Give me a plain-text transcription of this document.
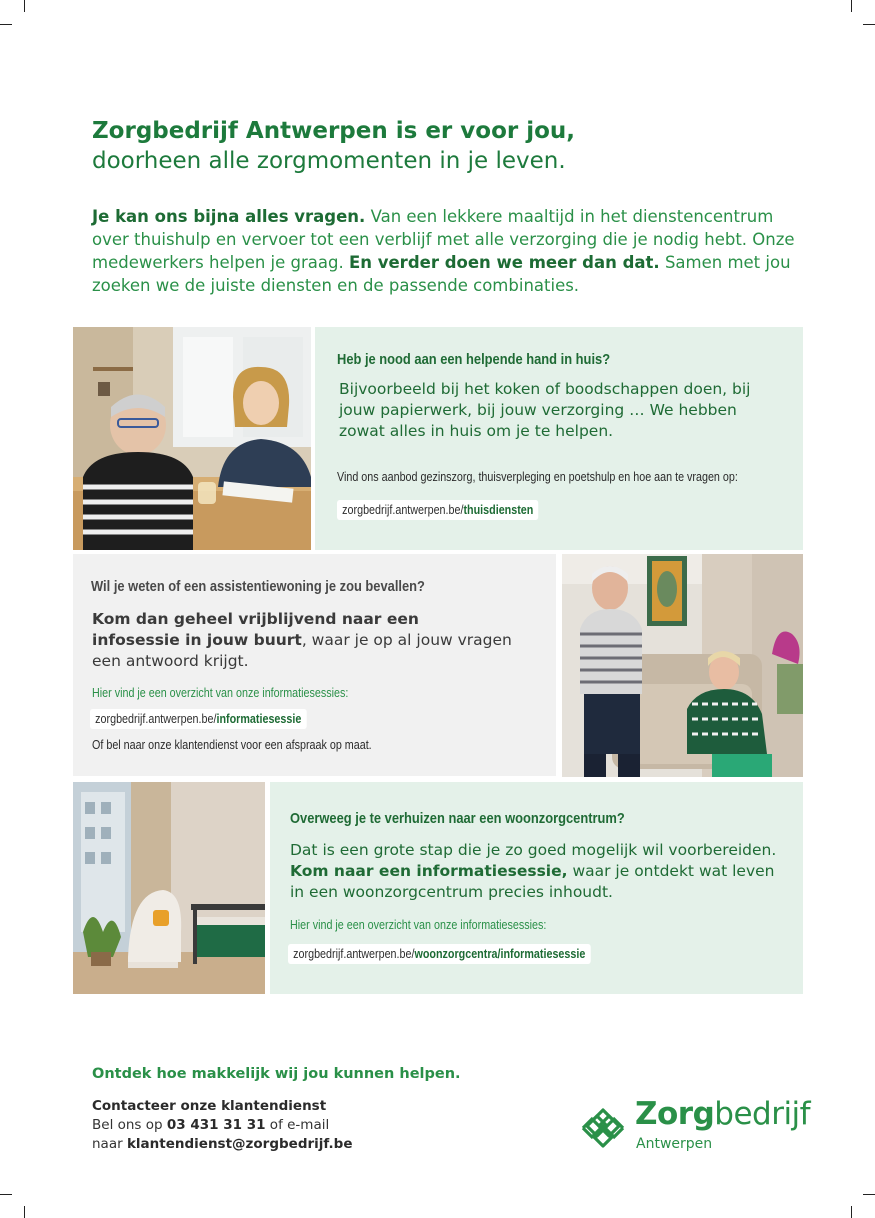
Zorgbedrijf Antwerpen is er voor jou,
doorheen alle zorgmomenten in je leven.

Je kan ons bijna alles vragen. Van een lekkere maaltijd in het dienstencentrum over thuishulp en vervoer tot een verblijf met alle verzorging die je nodig hebt. Onze medewerkers helpen je graag. En verder doen we meer dan dat. Samen met jou zoeken we de juiste diensten en de passende combinaties.

Heb je nood aan een helpende hand in huis?
Bijvoorbeeld bij het koken of boodschappen doen, bij jouw papierwerk, bij jouw verzorging … We hebben zowat alles in huis om je te helpen.
Vind ons aanbod gezinszorg, thuisverpleging en poetshulp en hoe aan te vragen op:
zorgbedrijf.antwerpen.be/thuisdiensten
Wil je weten of een assistentiewoning je zou bevallen?

Kom dan geheel vrijblijvend naar een infosessie in jouw buurt, waar je op al jouw vragen een antwoord krijgt.

Hier vind je een overzicht van onze informatiesessies:
zorgbedrijf.antwerpen.be/informatiesessie
Of bel naar onze klantendienst voor een afspraak op maat.
Overweeg je te verhuizen naar een woonzorgcentrum?

Dat is een grote stap die je zo goed mogelijk wil voorbereiden. Kom naar een informatiesessie, waar je ontdekt wat leven in een woonzorgcentrum precies inhoudt.

Hier vind je een overzicht van onze informatiesessies:
zorgbedrijf.antwerpen.be/woonzorgcentra/informatiesessie
Ontdek hoe makkelijk wij jou kunnen helpen.
Contacteer onze klantendienst
Bel ons op 03 431 31 31 of e-mail
naar klantendienst@zorgbedrijf.be
Zorgbedrijf
Antwerpen
